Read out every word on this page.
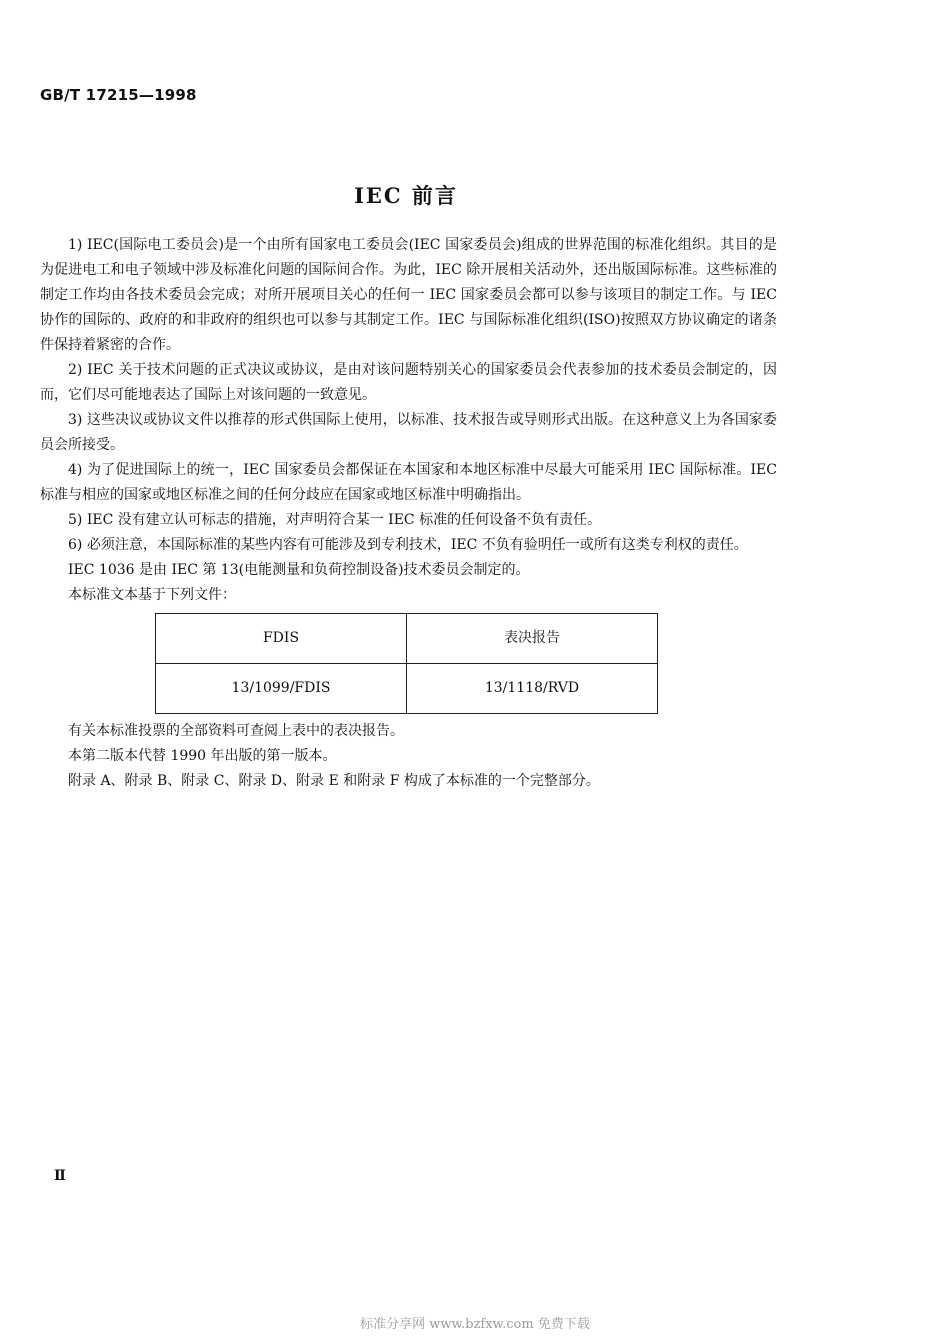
GB/T 17215—1998
IEC 前言

1) IEC(国际电工委员会)是一个由所有国家电工委员会(IEC 国家委员会)组成的世界范围的标准化组织。其目的是为促进电工和电子领域中涉及标准化问题的国际间合作。为此，IEC 除开展相关活动外，还出版国际标准。这些标准的制定工作均由各技术委员会完成；对所开展项目关心的任何一 IEC 国家委员会都可以参与该项目的制定工作。与 IEC 协作的国际的、政府的和非政府的组织也可以参与其制定工作。IEC 与国际标准化组织(ISO)按照双方协议确定的诸条件保持着紧密的合作。

2) IEC 关于技术问题的正式决议或协议，是由对该问题特别关心的国家委员会代表参加的技术委员会制定的，因而，它们尽可能地表达了国际上对该问题的一致意见。

3) 这些决议或协议文件以推荐的形式供国际上使用，以标准、技术报告或导则形式出版。在这种意义上为各国家委员会所接受。

4) 为了促进国际上的统一，IEC 国家委员会都保证在本国家和本地区标准中尽最大可能采用 IEC 国际标准。IEC 标准与相应的国家或地区标准之间的任何分歧应在国家或地区标准中明确指出。

5) IEC 没有建立认可标志的措施，对声明符合某一 IEC 标准的任何设备不负有责任。

6) 必须注意，本国际标准的某些内容有可能涉及到专利技术，IEC 不负有验明任一或所有这类专利权的责任。

IEC 1036 是由 IEC 第 13(电能测量和负荷控制设备)技术委员会制定的。

本标准文本基于下列文件：

FDIS	表决报告
13/1099/FDIS	13/1118/RVD

有关本标准投票的全部资料可查阅上表中的表决报告。

本第二版本代替 1990 年出版的第一版本。

附录 A、附录 B、附录 C、附录 D、附录 E 和附录 F 构成了本标准的一个完整部分。

Ⅱ
标准分享网 www.bzfxw.com 免费下载
